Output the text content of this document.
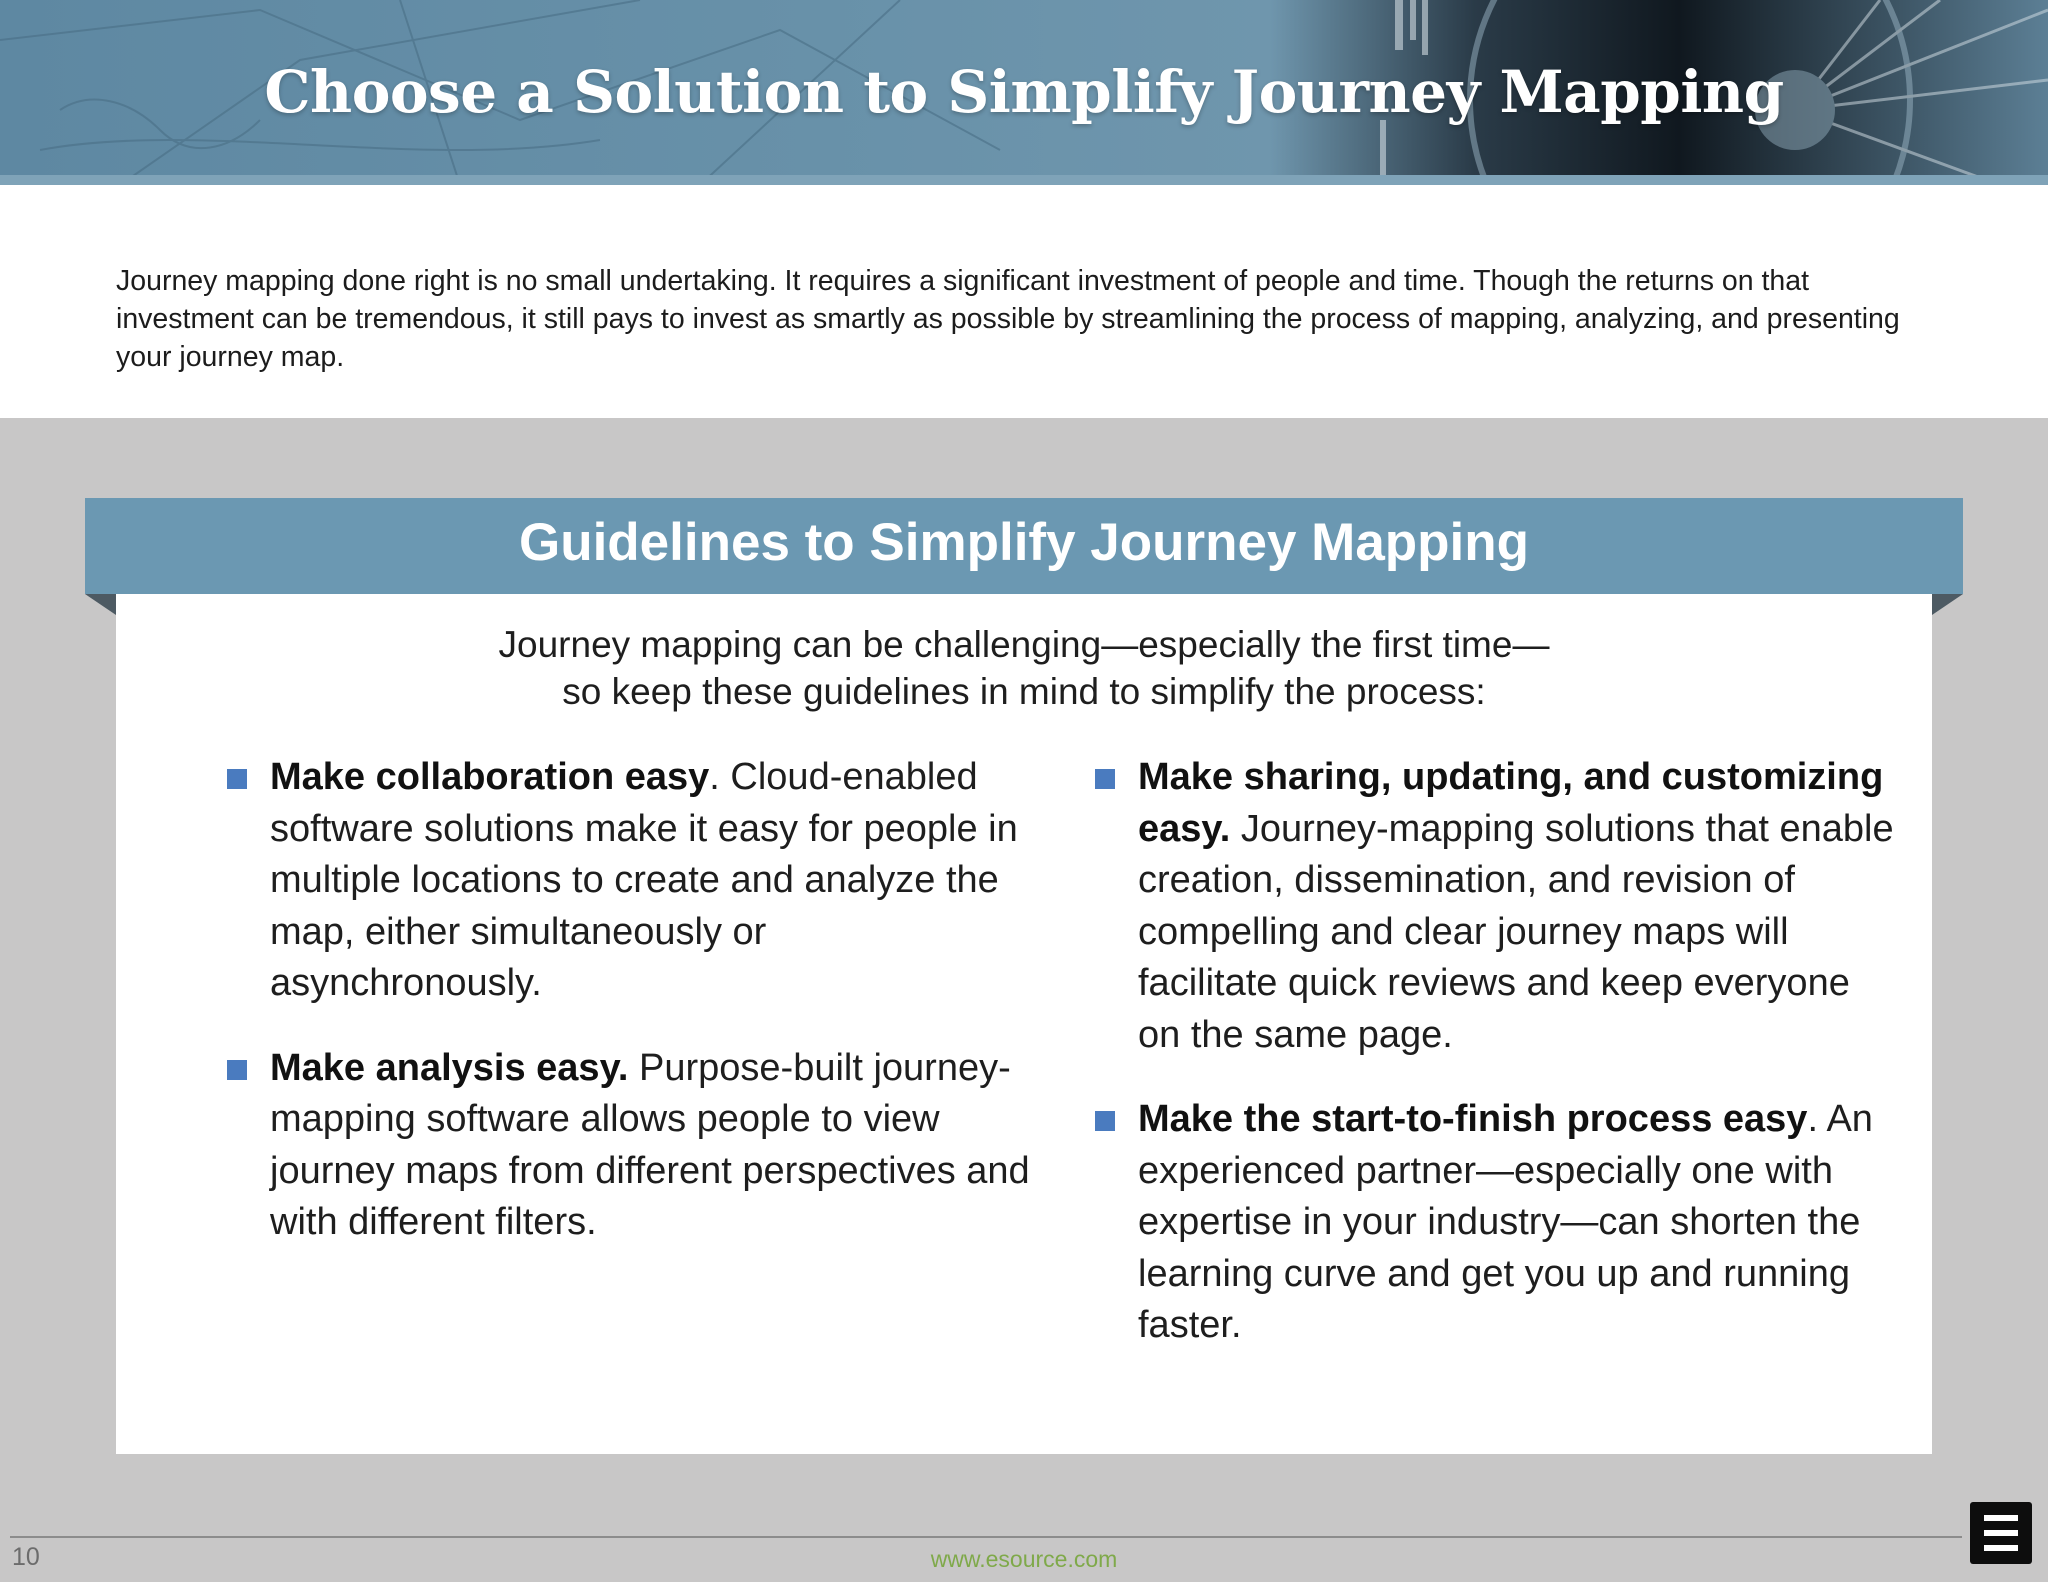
Choose a Solution to Simplify Journey Mapping
Journey mapping done right is no small undertaking. It requires a significant investment of people and time. Though the returns on that investment can be tremendous, it still pays to invest as smartly as possible by streamlining the process of mapping, analyzing, and presenting your journey map.
Guidelines to Simplify Journey Mapping
Journey mapping can be challenging—especially the first time—
so keep these guidelines in mind to simplify the process:
Make collaboration easy. Cloud-enabled software solutions make it easy for people in multiple locations to create and analyze the map, either simultaneously or asynchronously.
Make analysis easy. Purpose-built journey-mapping software allows people to view journey maps from different perspectives and with different filters.
Make sharing, updating, and customizing easy. Journey-mapping solutions that enable creation, dissemination, and revision of compelling and clear journey maps will facilitate quick reviews and keep everyone on the same page.
Make the start-to-finish process easy. An experienced partner—especially one with expertise in your industry—can shorten the learning curve and get you up and running faster.
10	www.esource.com
